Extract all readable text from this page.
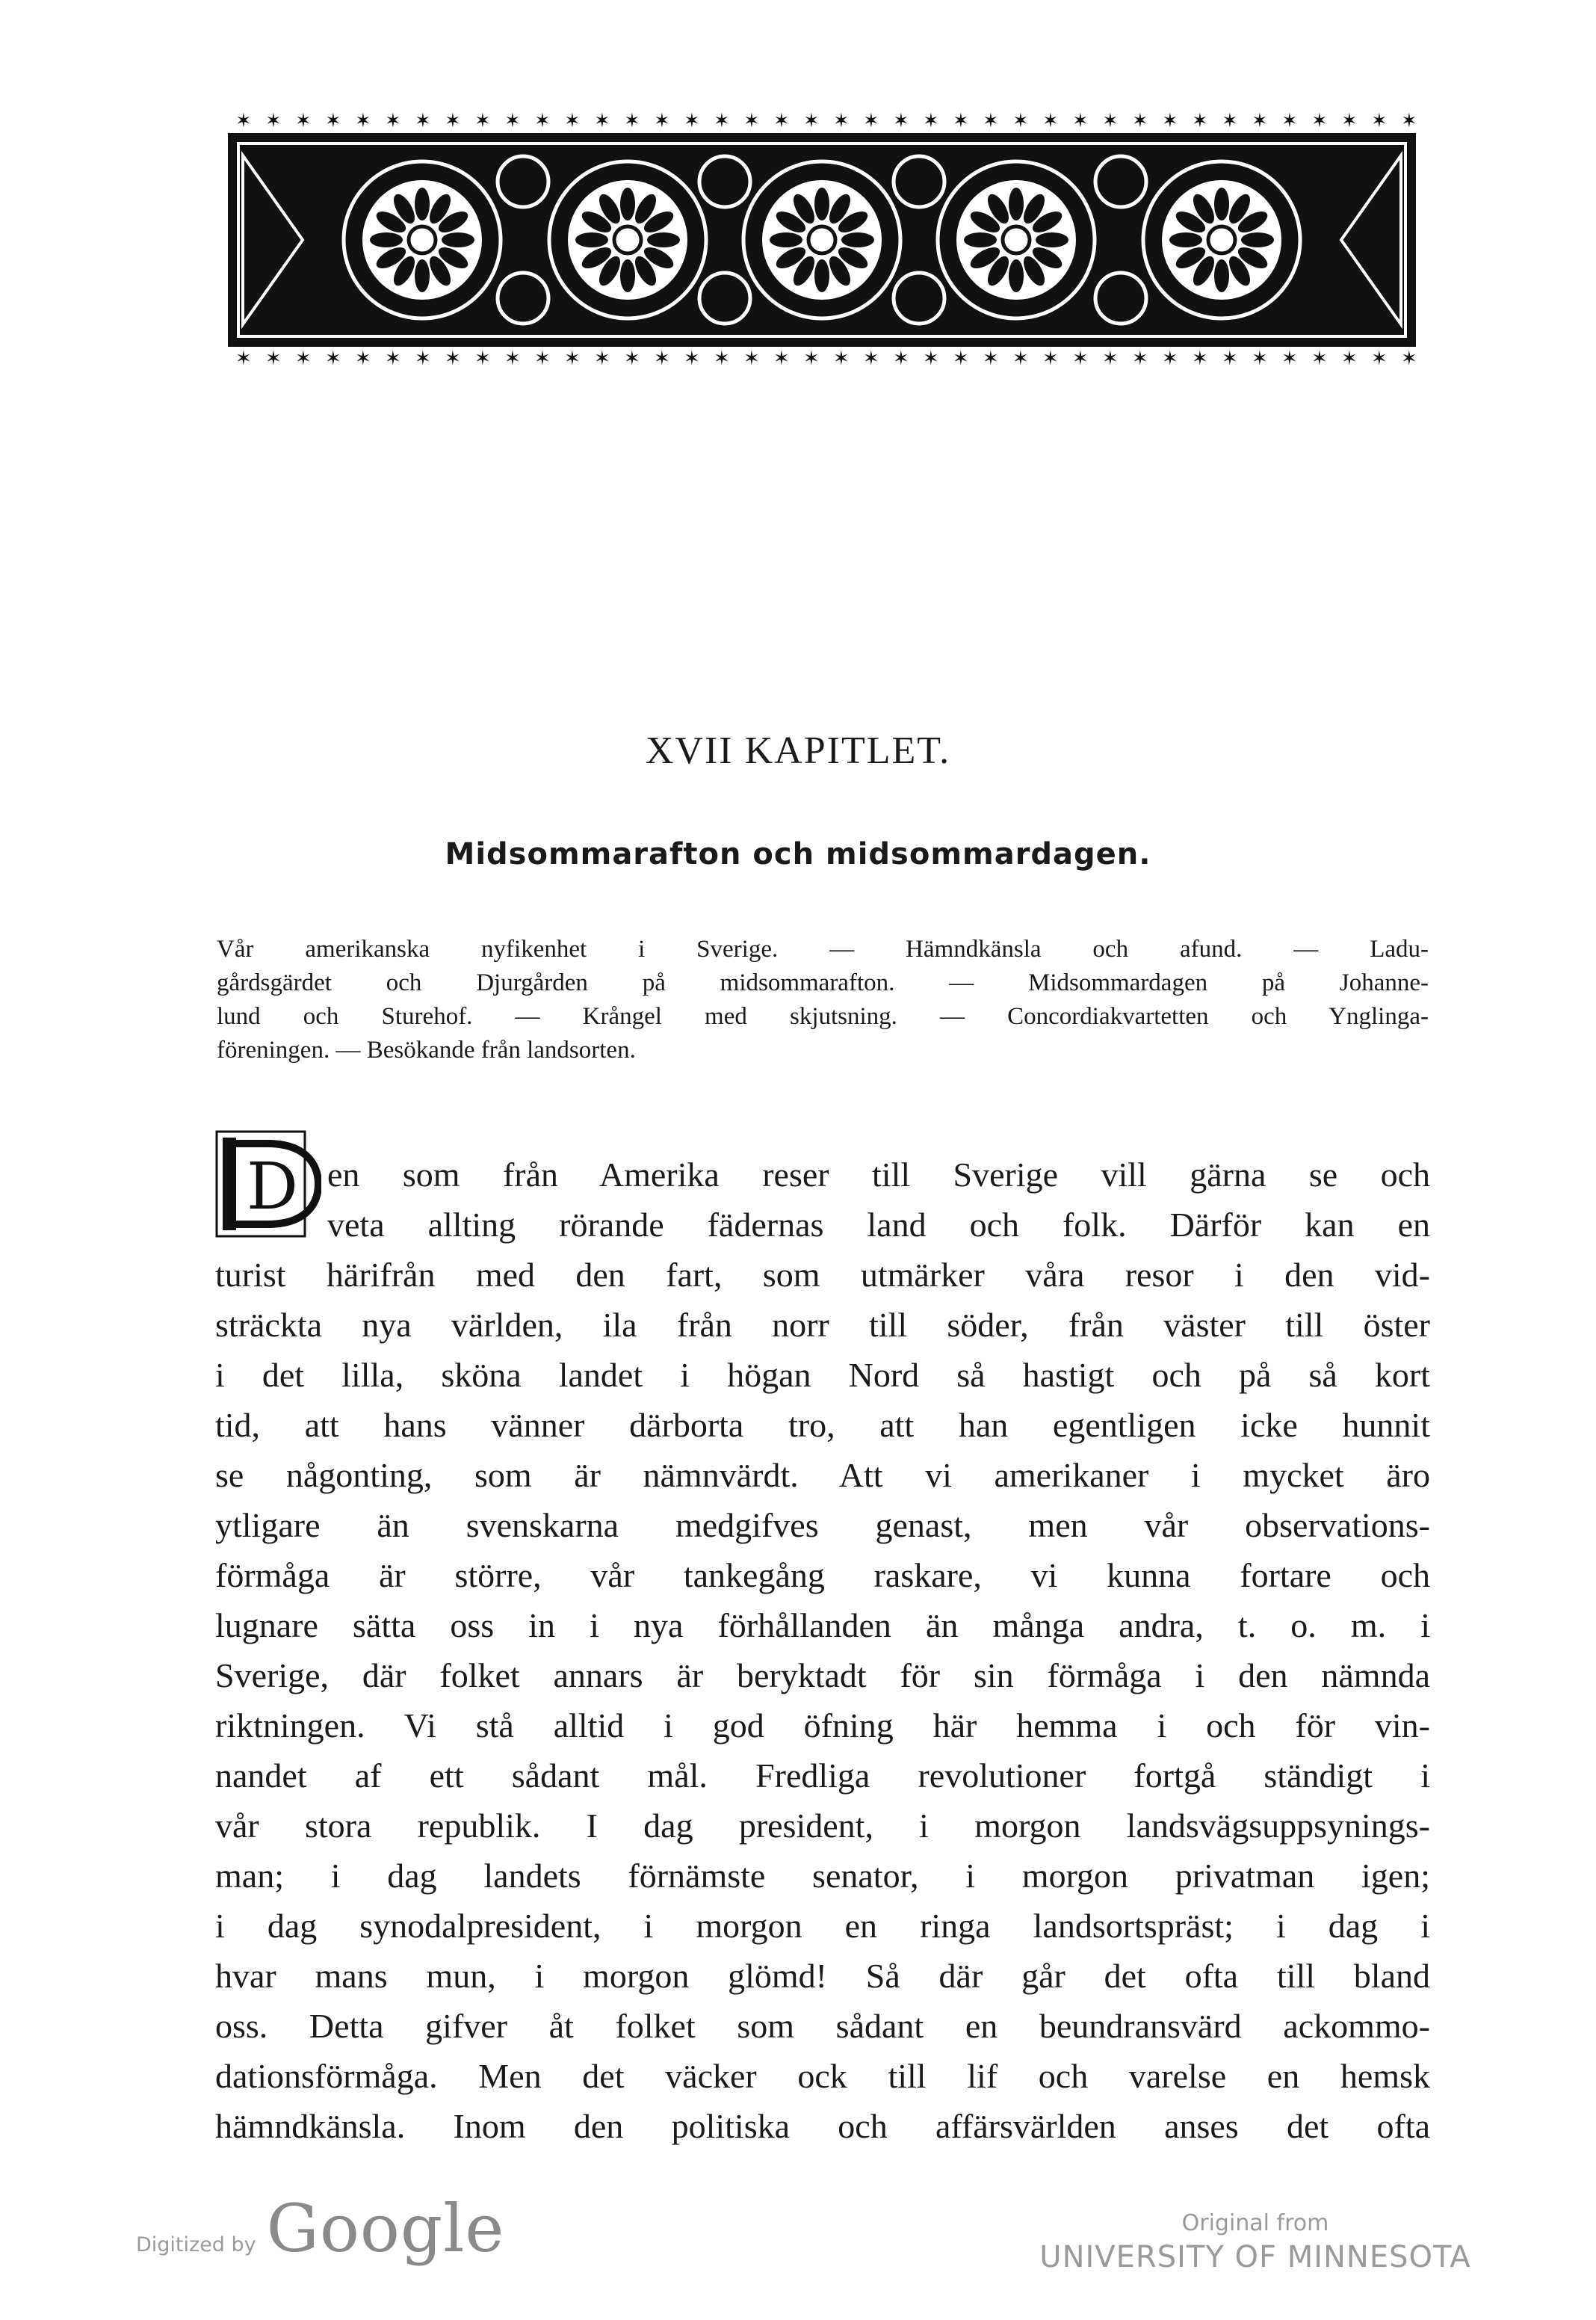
✶
✶
✶
✶
✶
✶
✶
✶
✶
✶
✶
✶
✶
✶
✶
✶
✶
✶
✶
✶
✶
✶
✶
✶
✶
✶
✶
✶
✶
✶
✶
✶
✶
✶
✶
✶
✶
✶
✶
✶
✶
✶
✶
✶
✶
✶
✶
✶
✶
✶
✶
✶
✶
✶
✶
✶
✶
✶
✶
✶
✶
✶
✶
✶
✶
✶
✶
✶
✶
✶
✶
✶
✶
✶
✶
✶
✶
✶
✶
✶
XVII KAPITLET.
Midsommarafton och midsommardagen.
Vår amerikanska nyfikenhet i Sverige. — Hämndkänsla och afund. — Ladu-
gårdsgärdet och Djurgården på midsommarafton. — Midsommardagen på Johanne-
lund och Sturehof. — Krångel med skjutsning. — Concordiakvartetten och Ynglinga-
föreningen. — Besökande från landsorten.
D en som från Amerika reser till Sverige vill gärna se och
veta allting rörande fädernas land och folk. Därför kan en
turist härifrån med den fart, som utmärker våra resor i den vid-
sträckta nya världen, ila från norr till söder, från väster till öster
i det lilla, sköna landet i högan Nord så hastigt och på så kort
tid, att hans vänner därborta tro, att han egentligen icke hunnit
se någonting, som är nämnvärdt. Att vi amerikaner i mycket äro
ytligare än svenskarna medgifves genast, men vår observations-
förmåga är större, vår tankegång raskare, vi kunna fortare och
lugnare sätta oss in i nya förhållanden än många andra, t. o. m. i
Sverige, där folket annars är beryktadt för sin förmåga i den nämnda
riktningen. Vi stå alltid i god öfning här hemma i och för vin-
nandet af ett sådant mål. Fredliga revolutioner fortgå ständigt i
vår stora republik. I dag president, i morgon landsvägsuppsynings-
man; i dag landets förnämste senator, i morgon privatman igen;
i dag synodalpresident, i morgon en ringa landsortspräst; i dag i
hvar mans mun, i morgon glömd! Så där går det ofta till bland
oss. Detta gifver åt folket som sådant en beundransvärd ackommo-
dationsförmåga. Men det väcker ock till lif och varelse en hemsk
hämndkänsla. Inom den politiska och affärsvärlden anses det ofta
Digitized by Google	Original from
UNIVERSITY OF MINNESOTA
